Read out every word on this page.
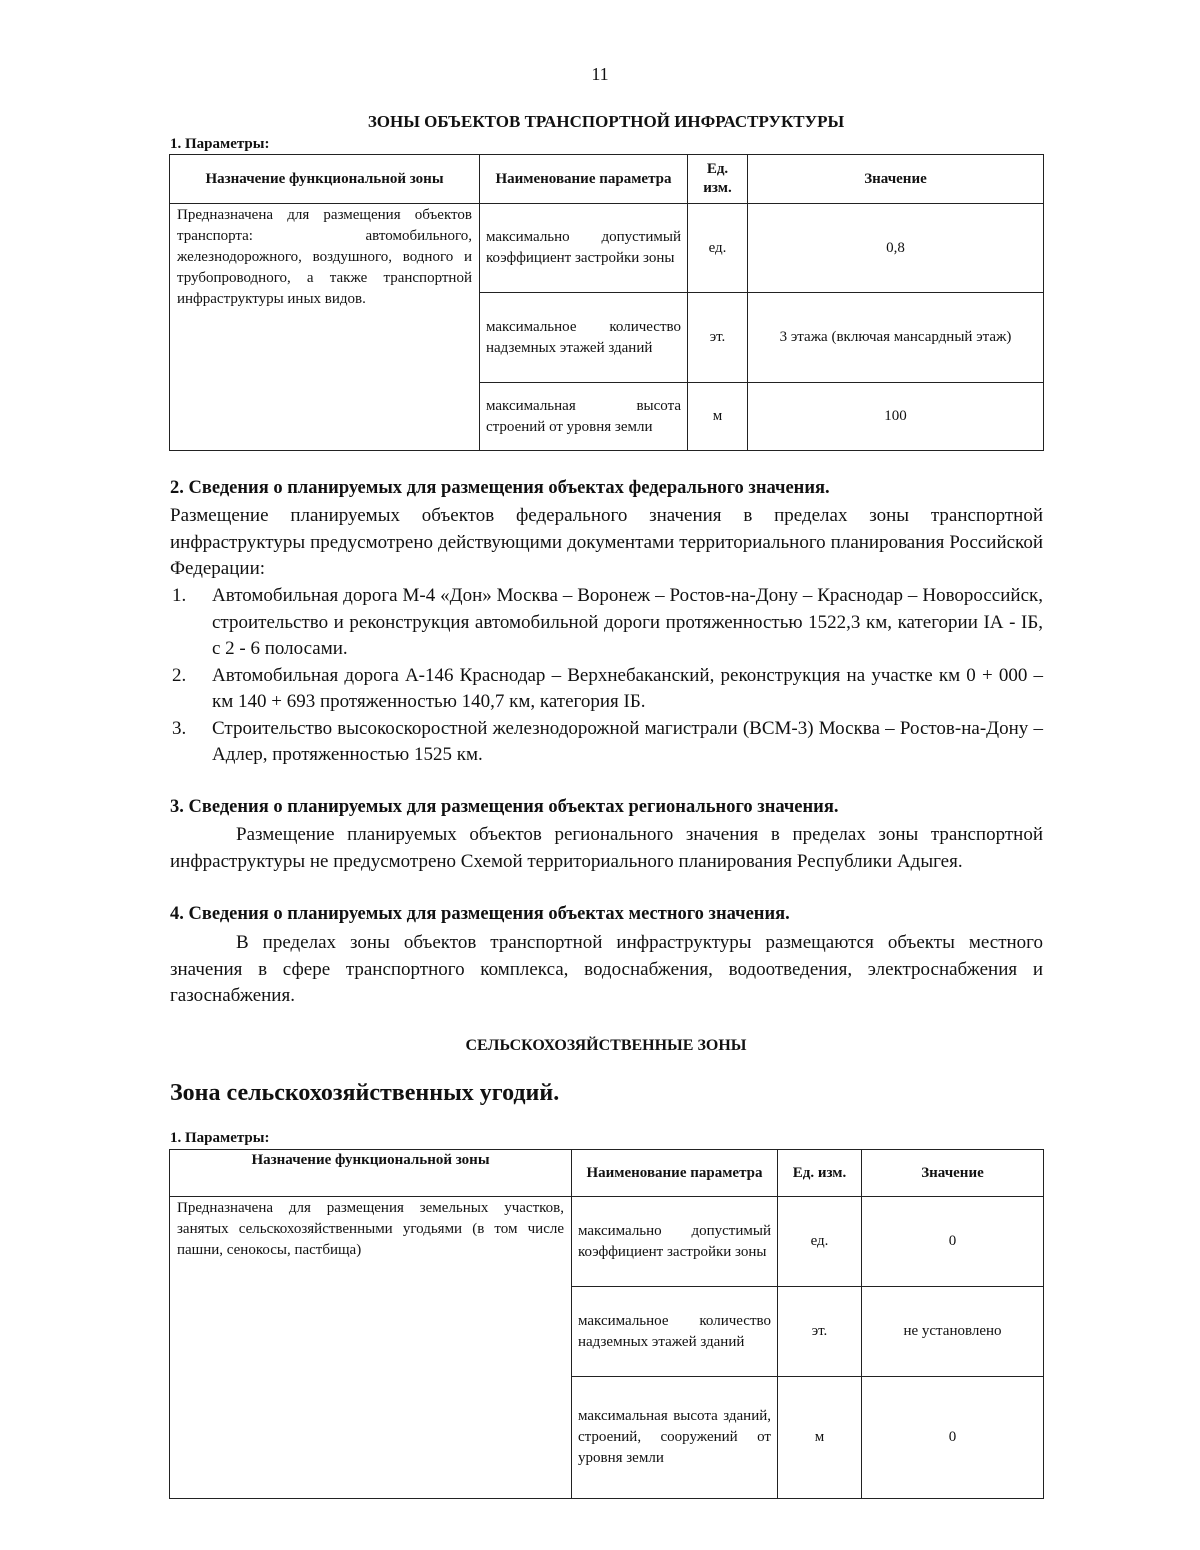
11
ЗОНЫ ОБЪЕКТОВ ТРАНСПОРТНОЙ ИНФРАСТРУКТУРЫ
1. Параметры:
Назначение функциональной зоны	Наименование параметра	Ед. изм.	Значение
Предназначена для размещения объектов транспорта: автомобильного, железнодорожного, воздушного, водного и трубопроводного, а также транспортной инфраструктуры иных видов.	максимально допустимый коэффициент застройки зоны	ед.	0,8
	максимальное количество надземных этажей зданий	эт.	3 этажа (включая мансардный этаж)
	максимальная высота строений от уровня земли	м	100
2. Сведения о планируемых для размещения объектах федерального значения.

Размещение планируемых объектов федерального значения в пределах зоны транспортной инфраструктуры предусмотрено действующими документами территориального планирования Российской Федерации:

1. Автомобильная дорога М-4 «Дон» Москва – Воронеж – Ростов-на-Дону – Краснодар – Новороссийск, строительство и реконструкция автомобильной дороги протяженностью 1522,3 км, категории IА - IБ, с 2 - 6 полосами.
2. Автомобильная дорога А-146 Краснодар – Верхнебаканский, реконструкция на участке км 0 + 000 – км 140 + 693 протяженностью 140,7 км, категория IБ.
3. Строительство высокоскоростной железнодорожной магистрали (ВСМ-3) Москва – Ростов-на-Дону – Адлер, протяженностью 1525 км.
3. Сведения о планируемых для размещения объектах регионального значения.

Размещение планируемых объектов регионального значения в пределах зоны транспортной инфраструктуры не предусмотрено Схемой территориального планирования Республики Адыгея.

4. Сведения о планируемых для размещения объектах местного значения.

В пределах зоны объектов транспортной инфраструктуры размещаются объекты местного значения в сфере транспортного комплекса, водоснабжения, водоотведения, электроснабжения и газоснабжения.

СЕЛЬСКОХОЗЯЙСТВЕННЫЕ ЗОНЫ
Зона сельскохозяйственных угодий.
1. Параметры:
Назначение функциональной зоны	Наименование параметра	Ед. изм.	Значение
Предназначена для размещения земельных участков, занятых сельскохозяйственными угодьями (в том числе пашни, сенокосы, пастбища)	максимально допустимый коэффициент застройки зоны	ед.	0
	максимальное количество надземных этажей зданий	эт.	не установлено
	максимальная высота зданий, строений, сооружений от уровня земли	м	0
